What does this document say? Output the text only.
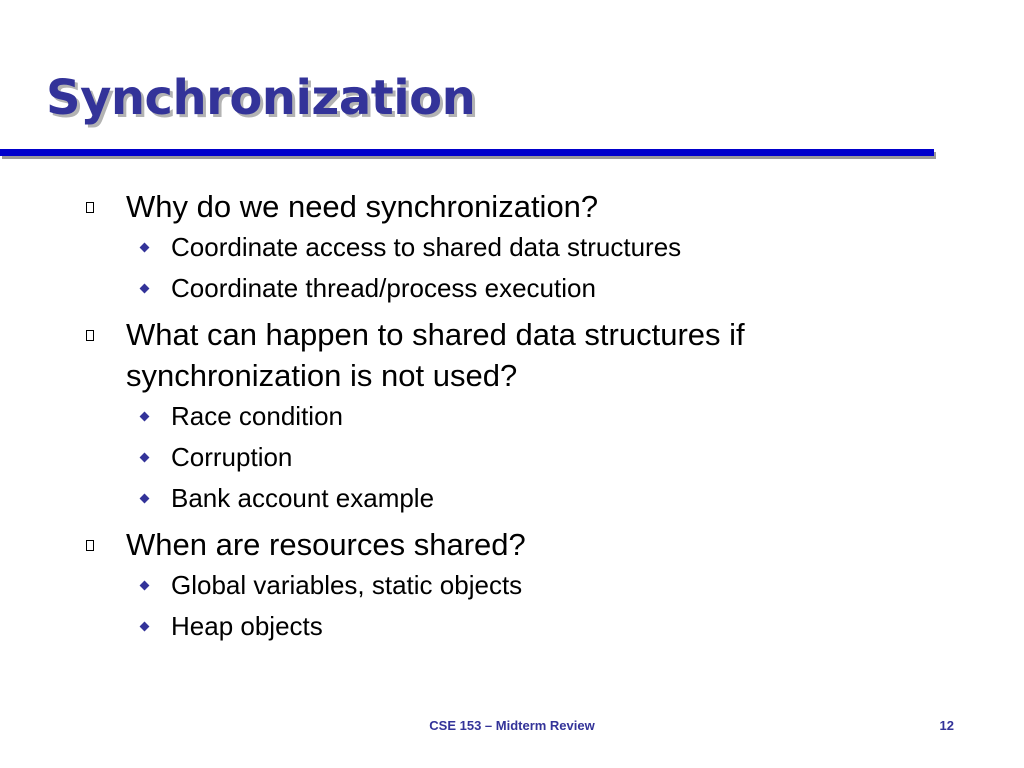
Synchronization
Why do we need synchronization?
Coordinate access to shared data structures
Coordinate thread/process execution
What can happen to shared data structures if synchronization is not used?
Race condition
Corruption
Bank account example
When are resources shared?
Global variables, static objects
Heap objects
CSE 153 – Midterm Review	12
